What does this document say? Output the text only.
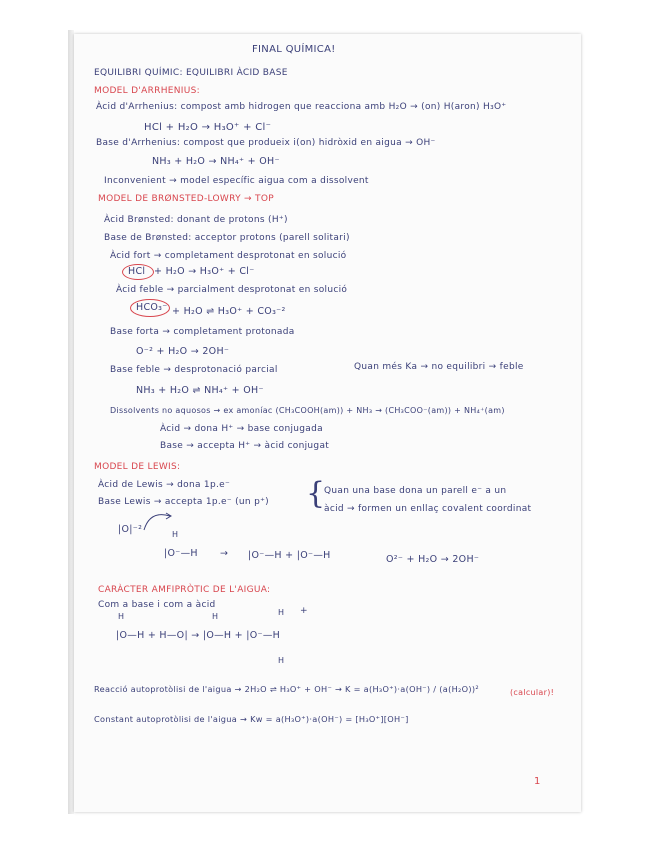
FINAL QUÍMICA!
EQUILIBRI QUÍMIC: EQUILIBRI ÀCID BASE
MODEL D'ARRHENIUS:
Àcid d'Arrhenius: compost amb hidrogen que reacciona amb H₂O → (on) H(aron) H₃O⁺
HCl + H₂O → H₃O⁺ + Cl⁻
Base d'Arrhenius: compost que produeix i(on) hidròxid en aigua → OH⁻
NH₃ + H₂O → NH₄⁺ + OH⁻
Inconvenient → model específic aigua com a dissolvent
MODEL DE BRØNSTED-LOWRY → TOP
Àcid Brønsted: donant de protons (H⁺)
Base de Brønsted: acceptor protons (parell solitari)
Àcid fort → completament desprotonat en solució
HCl + H₂O → H₃O⁺ + Cl⁻
Àcid feble → parcialment desprotonat en solució
HCO₃⁻ + H₂O ⇌ H₃O⁺ + CO₃⁻²
Base forta → completament protonada
O⁻² + H₂O → 2OH⁻
Base feble → desprotonació parcial	Quan més Ka → no equilibri → feble
NH₃ + H₂O ⇌ NH₄⁺ + OH⁻
Dissolvents no aquosos → ex amoníac (CH₃COOH(am)) + NH₃ → (CH₃COO⁻(am)) + NH₄⁺(am)
Àcid → dona H⁺ → base conjugada
Base → accepta H⁺ → àcid conjugat
MODEL DE LEWIS:
Àcid de Lewis → dona 1p.e⁻
Base Lewis → accepta 1p.e⁻ (un p⁺) {
Quan una base dona un parell e⁻ a un
àcid → formen un enllaç covalent coordinat
|O|⁻²	H
|O⁻—H → |O⁻—H + |O⁻—H	O²⁻ + H₂O → 2OH⁻
CARÀCTER AMFIPRÒTIC DE L'AIGUA:
Com a base i com a àcid
H	H	H +
|O—H + H—O| → |O—H + |O⁻—H
H
Reacció autoprotòlisi de l'aigua → 2H₂O ⇌ H₃O⁺ + OH⁻ → K = a(H₃O⁺)·a(OH⁻) / (a(H₂O))²	(calcular)!
Constant autoprotòlisi de l'aigua → Kw = a(H₃O⁺)·a(OH⁻) = [H₃O⁺][OH⁻]
1
